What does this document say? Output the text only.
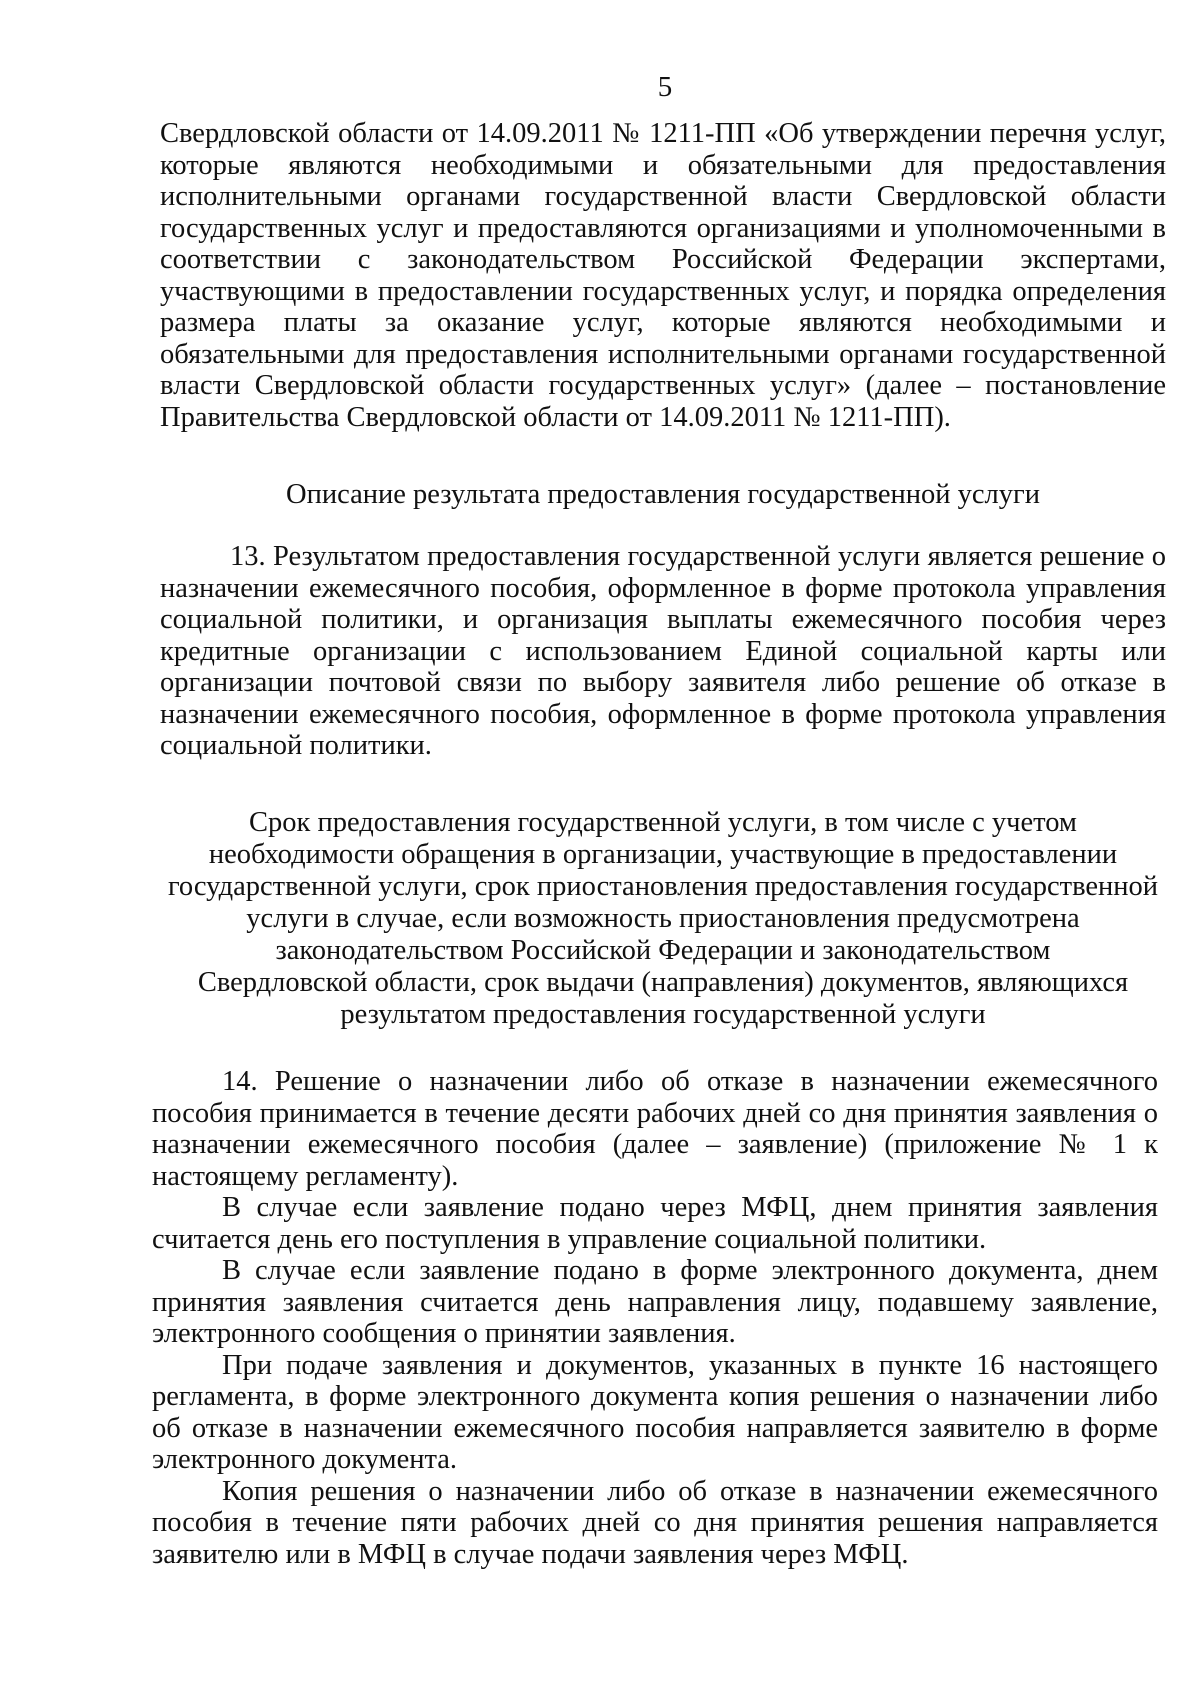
5

Свердловской области от 14.09.2011 № 1211-ПП «Об утверждении перечня услуг, которые являются необходимыми и обязательными для предоставления исполнительными органами государственной власти Свердловской области государственных услуг и предоставляются организациями и уполномоченными в соответствии с законодательством Российской Федерации экспертами, участвующими в предоставлении государственных услуг, и порядка определения размера платы за оказание услуг, которые являются необходимыми и обязательными для предоставления исполнительными органами государственной власти Свердловской области государственных услуг» (далее – постановление Правительства Свердловской области от 14.09.2011 № 1211-ПП).

Описание результата предоставления государственной услуги

13. Результатом предоставления государственной услуги является решение о назначении ежемесячного пособия, оформленное в форме протокола управления социальной политики, и организация выплаты ежемесячного пособия через кредитные организации с использованием Единой социальной карты или организации почтовой связи по выбору заявителя либо решение об отказе в назначении ежемесячного пособия, оформленное в форме протокола управления социальной политики.

Срок предоставления государственной услуги, в том числе с учетом
необходимости обращения в организации, участвующие в предоставлении
государственной услуги, срок приостановления предоставления государственной
услуги в случае, если возможность приостановления предусмотрена
законодательством Российской Федерации и законодательством
Свердловской области, срок выдачи (направления) документов, являющихся
результатом предоставления государственной услуги

14. Решение о назначении либо об отказе в назначении ежемесячного пособия принимается в течение десяти рабочих дней со дня принятия заявления о назначении ежемесячного пособия (далее – заявление) (приложение № 1 к настоящему регламенту).

В случае если заявление подано через МФЦ, днем принятия заявления считается день его поступления в управление социальной политики.

В случае если заявление подано в форме электронного документа, днем принятия заявления считается день направления лицу, подавшему заявление, электронного сообщения о принятии заявления.

При подаче заявления и документов, указанных в пункте 16 настоящего регламента, в форме электронного документа копия решения о назначении либо об отказе в назначении ежемесячного пособия направляется заявителю в форме электронного документа.

Копия решения о назначении либо об отказе в назначении ежемесячного пособия в течение пяти рабочих дней со дня принятия решения направляется заявителю или в МФЦ в случае подачи заявления через МФЦ.
